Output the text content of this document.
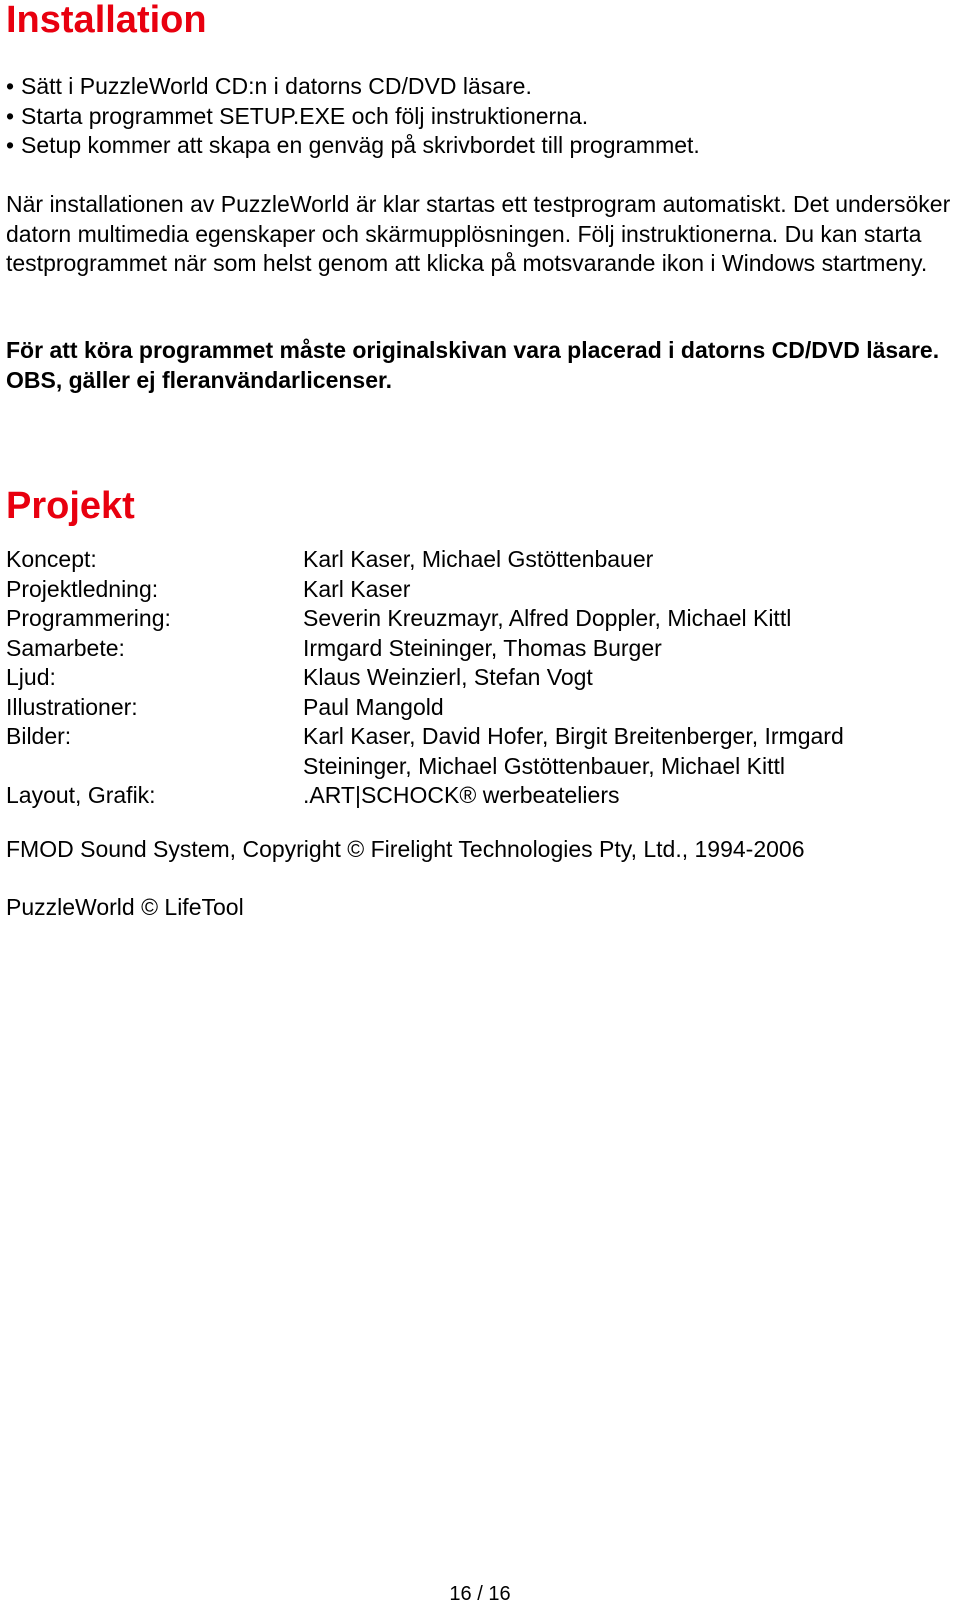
Installation
• Sätt i PuzzleWorld CD:n i datorns CD/DVD läsare.
• Starta programmet SETUP.EXE och följ instruktionerna.
• Setup kommer att skapa en genväg på skrivbordet till programmet.

När installationen av PuzzleWorld är klar startas ett testprogram automatiskt. Det undersöker datorn multimedia egenskaper och skärmupplösningen. Följ instruktionerna. Du kan starta testprogrammet när som helst genom att klicka på motsvarande ikon i Windows startmeny.

För att köra programmet måste originalskivan vara placerad i datorns CD/DVD läsare. OBS, gäller ej fleranvändarlicenser.

Projekt
Koncept:	Karl Kaser, Michael Gstöttenbauer
Projektledning:	Karl Kaser
Programmering:	Severin Kreuzmayr, Alfred Doppler, Michael Kittl
Samarbete:	Irmgard Steininger, Thomas Burger
Ljud:	Klaus Weinzierl, Stefan Vogt
Illustrationer:	Paul Mangold
Bilder:	Karl Kaser, David Hofer, Birgit Breitenberger, Irmgard Steininger, Michael Gstöttenbauer, Michael Kittl
Layout, Grafik:	.ART|SCHOCK® werbeateliers

FMOD Sound System, Copyright © Firelight Technologies Pty, Ltd., 1994-2006

PuzzleWorld © LifeTool

16 / 16
